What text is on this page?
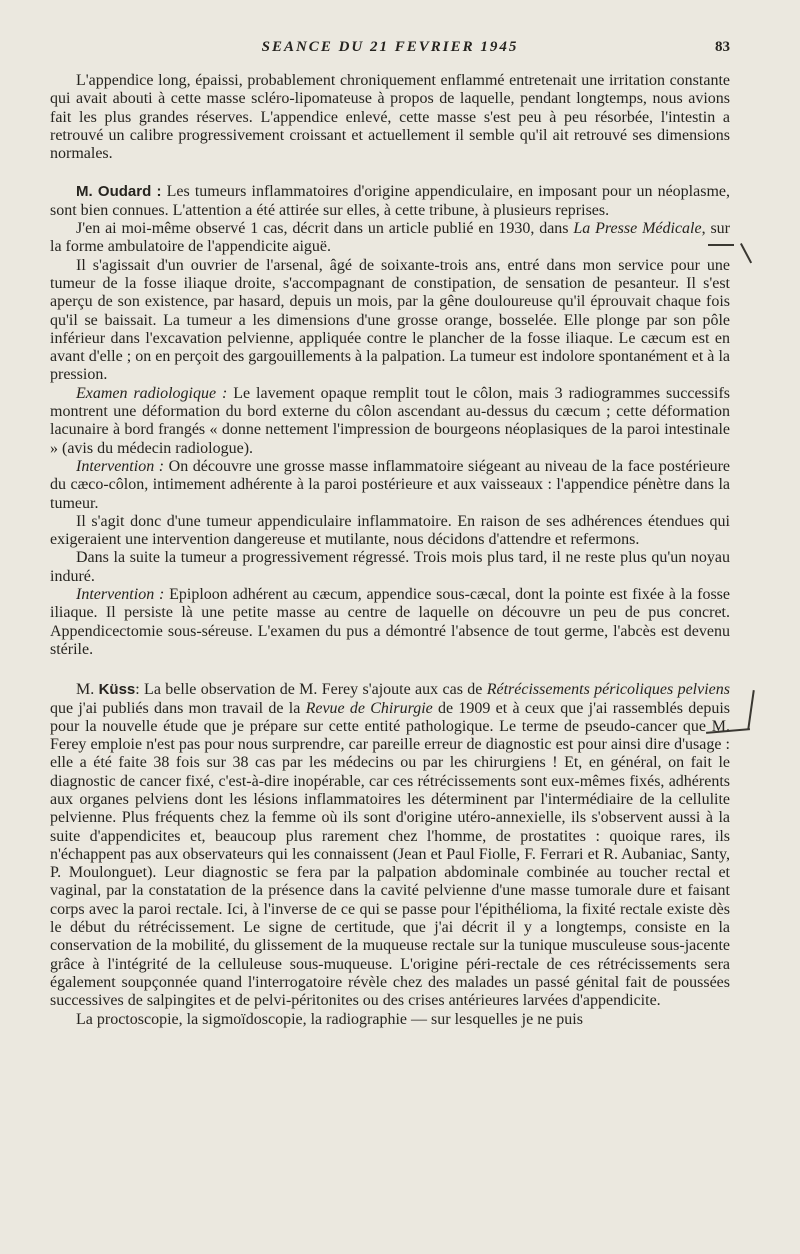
SEANCE DU 21 FEVRIER 1945	83

L'appendice long, épaissi, probablement chroniquement enflammé entretenait une irritation constante qui avait abouti à cette masse scléro-lipomateuse à propos de laquelle, pendant longtemps, nous avions fait les plus grandes réserves. L'appendice enlevé, cette masse s'est peu à peu résorbée, l'intestin a retrouvé un calibre progressivement croissant et actuellement il semble qu'il ait retrouvé ses dimensions normales.

M. Oudard : Les tumeurs inflammatoires d'origine appendiculaire, en imposant pour un néoplasme, sont bien connues. L'attention a été attirée sur elles, à cette tribune, à plusieurs reprises.

J'en ai moi-même observé 1 cas, décrit dans un article publié en 1930, dans La Presse Médicale, sur la forme ambulatoire de l'appendicite aiguë.

Il s'agissait d'un ouvrier de l'arsenal, âgé de soixante-trois ans, entré dans mon service pour une tumeur de la fosse iliaque droite, s'accompagnant de constipation, de sensation de pesanteur. Il s'est aperçu de son existence, par hasard, depuis un mois, par la gêne douloureuse qu'il éprouvait chaque fois qu'il se baissait. La tumeur a les dimensions d'une grosse orange, bosselée. Elle plonge par son pôle inférieur dans l'excavation pelvienne, appliquée contre le plancher de la fosse iliaque. Le cæcum est en avant d'elle ; on en perçoit des gargouillements à la palpation. La tumeur est indolore spontanément et à la pression.

Examen radiologique : Le lavement opaque remplit tout le côlon, mais 3 radiogrammes successifs montrent une déformation du bord externe du côlon ascendant au-dessus du cæcum ; cette déformation lacunaire à bord frangés « donne nettement l'impression de bourgeons néoplasiques de la paroi intestinale » (avis du médecin radiologue).

Intervention : On découvre une grosse masse inflammatoire siégeant au niveau de la face postérieure du cæco-côlon, intimement adhérente à la paroi postérieure et aux vaisseaux : l'appendice pénètre dans la tumeur.

Il s'agit donc d'une tumeur appendiculaire inflammatoire. En raison de ses adhérences étendues qui exigeraient une intervention dangereuse et mutilante, nous décidons d'attendre et refermons.

Dans la suite la tumeur a progressivement régressé. Trois mois plus tard, il ne reste plus qu'un noyau induré.

Intervention : Epiploon adhérent au cæcum, appendice sous-cæcal, dont la pointe est fixée à la fosse iliaque. Il persiste là une petite masse au centre de laquelle on découvre un peu de pus concret. Appendicectomie sous-séreuse. L'examen du pus a démontré l'absence de tout germe, l'abcès est devenu stérile.

M. Küss: La belle observation de M. Ferey s'ajoute aux cas de Rétrécissements péricoliques pelviens que j'ai publiés dans mon travail de la Revue de Chirurgie de 1909 et à ceux que j'ai rassemblés depuis pour la nouvelle étude que je prépare sur cette entité pathologique. Le terme de pseudo-cancer que M. Ferey emploie n'est pas pour nous surprendre, car pareille erreur de diagnostic est pour ainsi dire d'usage : elle a été faite 38 fois sur 38 cas par les médecins ou par les chirurgiens ! Et, en général, on fait le diagnostic de cancer fixé, c'est-à-dire inopérable, car ces rétrécissements sont eux-mêmes fixés, adhérents aux organes pelviens dont les lésions inflammatoires les déterminent par l'intermédiaire de la cellulite pelvienne. Plus fréquents chez la femme où ils sont d'origine utéro-annexielle, ils s'observent aussi à la suite d'appendicites et, beaucoup plus rarement chez l'homme, de prostatites : quoique rares, ils n'échappent pas aux observateurs qui les connaissent (Jean et Paul Fiolle, F. Ferrari et R. Aubaniac, Santy, P. Moulonguet). Leur diagnostic se fera par la palpation abdominale combinée au toucher rectal et vaginal, par la constatation de la présence dans la cavité pelvienne d'une masse tumorale dure et faisant corps avec la paroi rectale. Ici, à l'inverse de ce qui se passe pour l'épithélioma, la fixité rectale existe dès le début du rétrécissement. Le signe de certitude, que j'ai décrit il y a longtemps, consiste en la conservation de la mobilité, du glissement de la muqueuse rectale sur la tunique musculeuse sous-jacente grâce à l'intégrité de la celluleuse sous-muqueuse. L'origine péri-rectale de ces rétrécissements sera également soupçonnée quand l'interrogatoire révèle chez des malades un passé génital fait de poussées successives de salpingites et de pelvi-péritonites ou des crises antérieures larvées d'appendicite.

La proctoscopie, la sigmoïdoscopie, la radiographie — sur lesquelles je ne puis
